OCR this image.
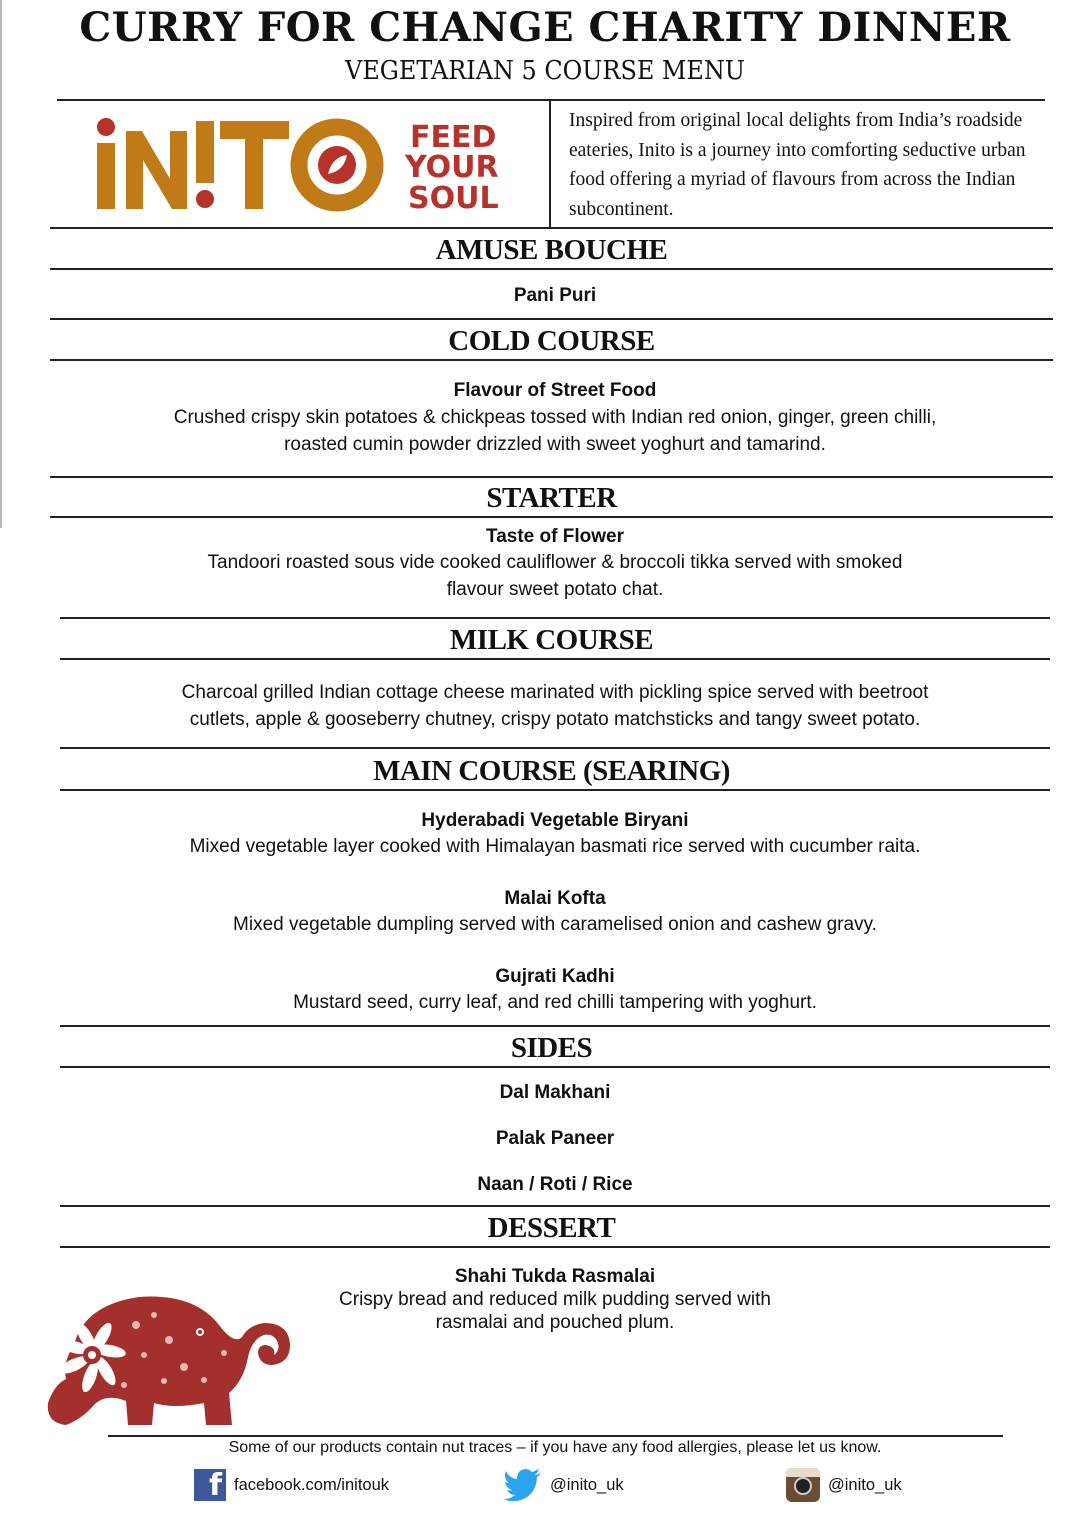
CURRY FOR CHANGE CHARITY DINNER
VEGETARIAN 5 COURSE MENU
FEED
YOUR
SOUL
Inspired from original local delights from India’s roadside eateries, Inito is a journey into comforting seductive urban food offering a myriad of flavours from across the Indian subcontinent.
AMUSE BOUCHE
Pani Puri
COLD COURSE
Flavour of Street Food
Crushed crispy skin potatoes & chickpeas tossed with Indian red onion, ginger, green chilli,
roasted cumin powder drizzled with sweet yoghurt and tamarind.
STARTER
Taste of Flower
Tandoori roasted sous vide cooked cauliflower & broccoli tikka served with smoked
flavour sweet potato chat.
MILK COURSE
Charcoal grilled Indian cottage cheese marinated with pickling spice served with beetroot
cutlets, apple & gooseberry chutney, crispy potato matchsticks and tangy sweet potato.
MAIN COURSE (SEARING)
Hyderabadi Vegetable Biryani
Mixed vegetable layer cooked with Himalayan basmati rice served with cucumber raita.
Malai Kofta
Mixed vegetable dumpling served with caramelised onion and cashew gravy.
Gujrati Kadhi
Mustard seed, curry leaf, and red chilli tampering with yoghurt.
SIDES
Dal Makhani
Palak Paneer
Naan / Roti / Rice
DESSERT
Shahi Tukda Rasmalai
Crispy bread and reduced milk pudding served with
rasmalai and pouched plum.
Some of our products contain nut traces – if you have any food allergies, please let us know.
f facebook.com/initouk	@inito_uk	@inito_uk
